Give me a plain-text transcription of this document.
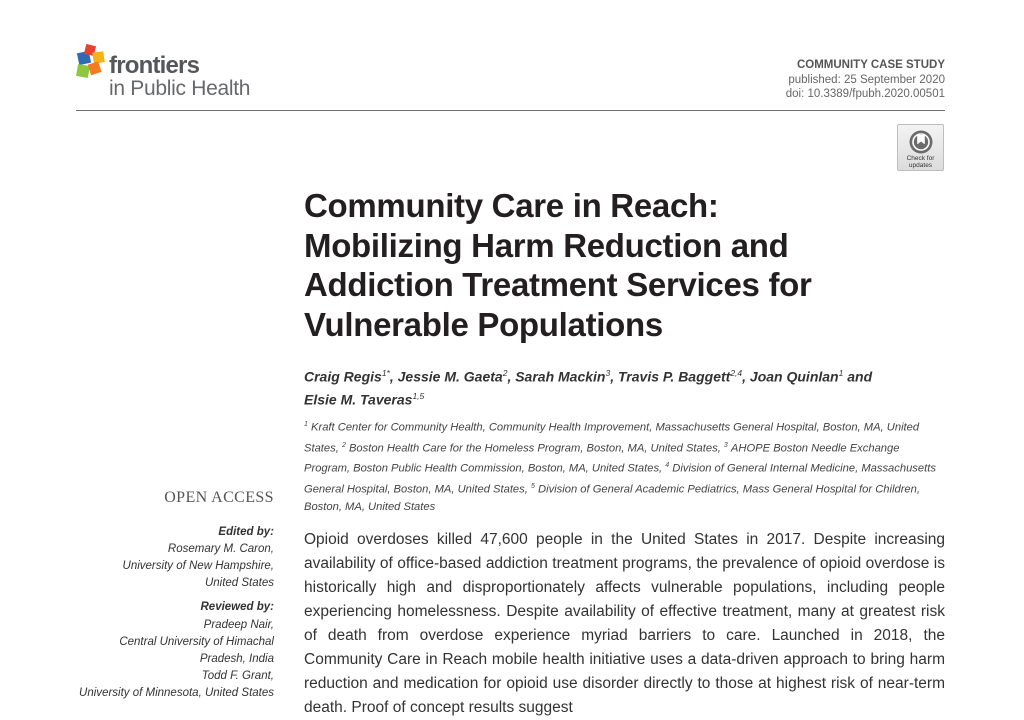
frontiers
in Public Health
COMMUNITY CASE STUDY
published: 25 September 2020
doi: 10.3389/fpubh.2020.00501
Check for
updates
Community Care in Reach:
Mobilizing Harm Reduction and
Addiction Treatment Services for
Vulnerable Populations
Craig Regis$^{1*}$, Jessie M. Gaeta$^2$, Sarah Mackin$^3$, Travis P. Baggett$^{2,4}$, Joan Quinlan$^1$ and
Elsie M. Taveras$^{1,5}$
$^1$ Kraft Center for Community Health, Community Health Improvement, Massachusetts General Hospital, Boston, MA, United States, $^2$ Boston Health Care for the Homeless Program, Boston, MA, United States, $^3$ AHOPE Boston Needle Exchange Program, Boston Public Health Commission, Boston, MA, United States, $^4$ Division of General Internal Medicine, Massachusetts General Hospital, Boston, MA, United States, $^5$ Division of General Academic Pediatrics, Mass General Hospital for Children, Boston, MA, United States
OPEN ACCESS
Edited by:
Rosemary M. Caron,
University of New Hampshire,
United States
Reviewed by:
Pradeep Nair,
Central University of Himachal
Pradesh, India
Todd F. Grant,
University of Minnesota, United States

Opioid overdoses killed 47,600 people in the United States in 2017. Despite increasing availability of office-based addiction treatment programs, the prevalence of opioid overdose is historically high and disproportionately affects vulnerable populations, including people experiencing homelessness. Despite availability of effective treatment, many at greatest risk of death from overdose experience myriad barriers to care. Launched in 2018, the Community Care in Reach mobile health initiative uses a data-driven approach to bring harm reduction and medication for opioid use disorder directly to those at highest risk of near-term death. Proof of concept results suggest
